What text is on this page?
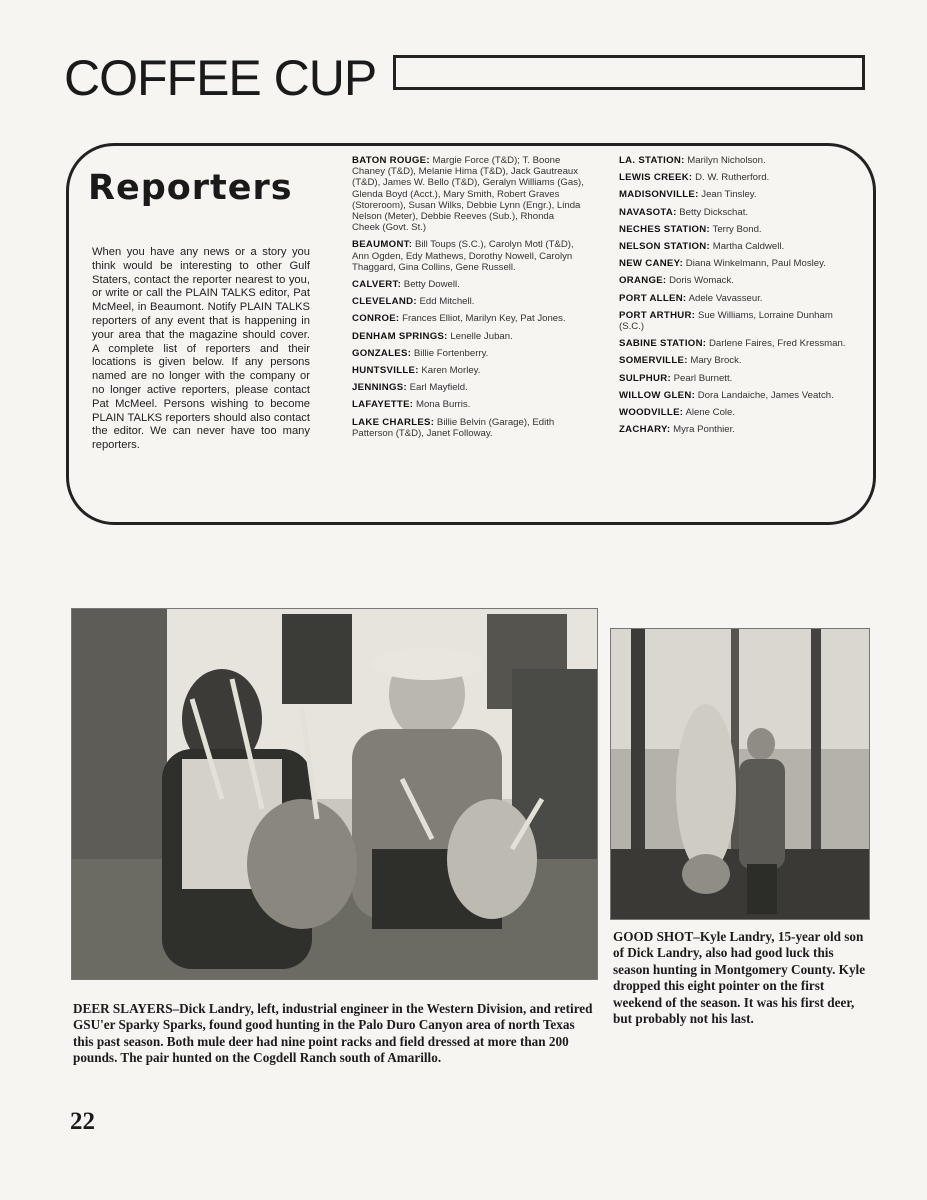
COFFEE CUP
Reporters
When you have any news or a story you think would be interesting to other Gulf Staters, contact the reporter nearest to you, or write or call the PLAIN TALKS editor, Pat McMeel, in Beaumont. Notify PLAIN TALKS reporters of any event that is happening in your area that the magazine should cover. A complete list of reporters and their locations is given below. If any persons named are no longer with the company or no longer active reporters, please contact Pat McMeel. Persons wishing to become PLAIN TALKS reporters should also contact the editor. We can never have too many reporters.
BATON ROUGE: Margie Force (T&D); T. Boone Chaney (T&D), Melanie Hima (T&D), Jack Gautreaux (T&D), James W. Bello (T&D), Geralyn Williams (Gas), Glenda Boyd (Acct.), Mary Smith, Robert Graves (Storeroom), Susan Wilks, Debbie Lynn (Engr.), Linda Nelson (Meter), Debbie Reeves (Sub.), Rhonda Cheek (Govt. St.)
BEAUMONT: Bill Toups (S.C.), Carolyn Motl (T&D), Ann Ogden, Edy Mathews, Dorothy Nowell, Carolyn Thaggard, Gina Collins, Gene Russell.
CALVERT: Betty Dowell.
CLEVELAND: Edd Mitchell.
CONROE: Frances Elliot, Marilyn Key, Pat Jones.
DENHAM SPRINGS: Lenelle Juban.
GONZALES: Billie Fortenberry.
HUNTSVILLE: Karen Morley.
JENNINGS: Earl Mayfield.
LAFAYETTE: Mona Burris.
LAKE CHARLES: Billie Belvin (Garage), Edith Patterson (T&D), Janet Followay.
LA. STATION: Marilyn Nicholson.
LEWIS CREEK: D. W. Rutherford.
MADISONVILLE: Jean Tinsley.
NAVASOTA: Betty Dickschat.
NECHES STATION: Terry Bond.
NELSON STATION: Martha Caldwell.
NEW CANEY: Diana Winkelmann, Paul Mosley.
ORANGE: Doris Womack.
PORT ALLEN: Adele Vavasseur.
PORT ARTHUR: Sue Williams, Lorraine Dunham (S.C.)
SABINE STATION: Darlene Faires, Fred Kressman.
SOMERVILLE: Mary Brock.
SULPHUR: Pearl Burnett.
WILLOW GLEN: Dora Landaiche, James Veatch.
WOODVILLE: Alene Cole.
ZACHARY: Myra Ponthier.
DEER SLAYERS–Dick Landry, left, industrial engineer in the Western Division, and retired GSU'er Sparky Sparks, found good hunting in the Palo Duro Canyon area of north Texas this past season. Both mule deer had nine point racks and field dressed at more than 200 pounds. The pair hunted on the Cogdell Ranch south of Amarillo.
GOOD SHOT–Kyle Landry, 15-year old son of Dick Landry, also had good luck this season hunting in Montgomery County. Kyle dropped this eight pointer on the first weekend of the season. It was his first deer, but probably not his last.
22
